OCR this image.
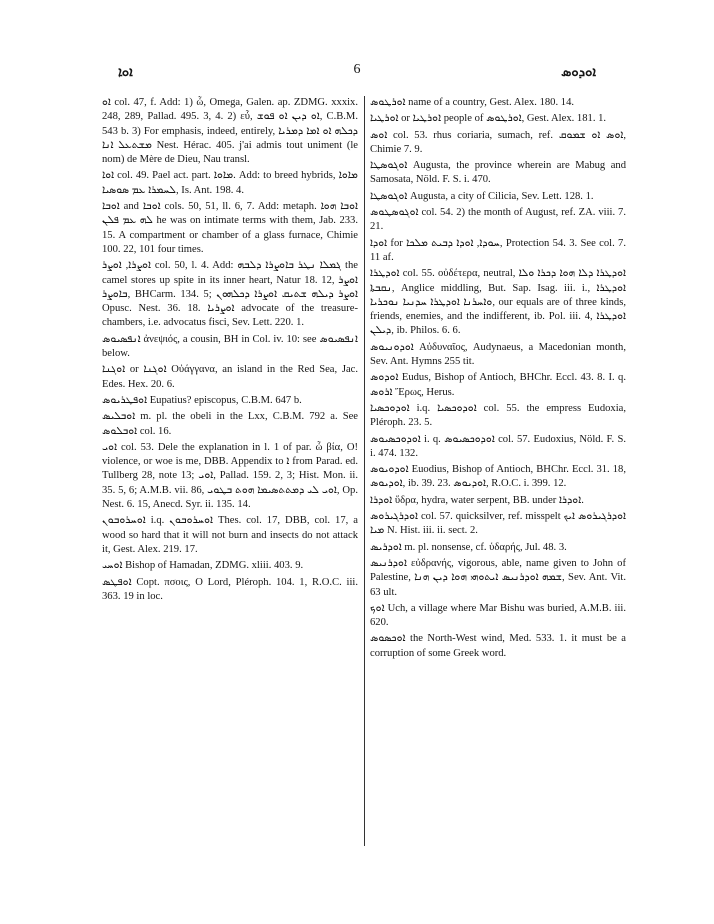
ܐܘܐ	6	ܐܘܕܘܣ

ܐܘ col. 47, f. Add: 1) ὦ, Omega, Galen. ap. ZDMG. xxxix. 248, 289, Pallad. 495. 3, 4. 2) εὖ, ܐܘ ܕܝܢ ܐܘ ܦܘܫ, C.B.M. 543 b. 3) For emphasis, indeed, entirely, ܕܟܠܗ ܐܘ ܐܡܐ ܕܡܪܝܐ ܡܫܬܥܠ ܐܢܐ Nest. Hérac. 405. j'ai admis tout uniment (le nom) de Mère de Dieu, Nau transl.

ܐܘܐ col. 49. Pael act. part. ܡܐܘܐ. Add: to breed hybrids, ܡܐܘܐ ܠܚܡܪܐ ܥܡ ܣܘܣܝܐ, Is. Ant. 198. 4.

ܐܘܒܐ and ܐܘܒܐ cols. 50, 51, ll. 6, 7. Add: metaph. ܐܘܒܐ ܗܘܐ ܠܗ ܥܡ ܦܠܢ he was on intimate terms with them, Jab. 233. 15. A compartment or chamber of a glass furnace, Chimie 100. 22, 101 four times.

ܐܘܨܪܐ, ܐܘܨܪ col. 50, l. 4. Add: ܓܡܠܐ ܢܛܪ ܒܐܘܨܪܐ ܕܠܒܗ the camel stores up spite in its inner heart, Natur 18. 12, ܐܘܨܪ ܒܐܘܨܪ, BHCarm. 134. 5; ܐܘܨܪ ܕܝܠܗ ܫܬܝܩ ܐܘܨܪܐ ܕܟܠܗܘܢ Opusc. Nest. 36. 18. ܐܘܨܪܝܐ advocate of the treasure-chambers, i.e. advocatus fisci, Sev. Lett. 220. 1.

ܐܢܦܣܝܘܣ ἀνεψιός, a cousin, BH in Col. iv. 10: see ܐܢܦܣܝܘܣ below.

ܐܘܓܢܐ or ܐܘܓܢܐ Οὐάγγανα, an island in the Red Sea, Jac. Edes. Hex. 20. 6.

ܐܘܦܛܪܝܘܣ Eupatius? episcopus, C.B.M. 647 b.

ܐܘܒܠܝܣ m. pl. the obeli in the Lxx, C.B.M. 792 a. See ܐܘܒܠܘܣ col. 16.

ܐܘܝ col. 53. Dele the explanation in l. 1 of par. ὦ βία, O! violence, or woe is me, DBB. Appendix to ܐ from Parad. ed. Tullberg 28, note 13; ܐܘܝ, Pallad. 159. 2, 3; Hist. Mon. ii. 35. 5, 6; A.M.B. vii. 86, ܐܘܝ ܠܝ ܕܡܬܬܣܝܡܐ ܗܘܬ ܒܛܘܝ, Op. Nest. 6. 15, Anecd. Syr. ii. 135. 14.

ܐܘܚܪܘܒܘܢ i.q. ܐܘܚܪܘܒܘܢ Thes. col. 17, DBB, col. 17, a wood so hard that it will not burn and insects do not attack it, Gest. Alex. 219. 17.

ܐܘܚܝ Bishop of Hamadan, ZDMG. xliii. 403. 9.

ܐܘܦܛܣ Copt. πσοις, O Lord, Pléroph. 104. 1, R.O.C. iii. 363. 19 in loc.

ܐܘܪܛܘܣ name of a country, Gest. Alex. 180. 14.

ܐܘܪܛܝܐ or ܐܘܪܛܝܐ people of ܐܘܪܛܘܣ, Gest. Alex. 181. 1.

ܐܘܣ col. 53. rhus coriaria, sumach, ref. ܐܘܣ ܐܘ ܫܡܘܩ, Chimie 7. 9.

ܐܘܓܘܣܛܐ Augusta, the province wherein are Mabug and Samosata, Nöld. F. S. i. 470.

ܐܘܓܘܣܛܐ Augusta, a city of Cilicia, Sev. Lett. 128. 1.

ܐܘܓܘܣܛܘܣ col. 54. 2) the month of August, ref. ZA. viii. 7. 21.

ܐܘܕܐ for ܚܘܕܐ, ܐܘܕܐ ܕܒܝܬ ܡܠܟܐ, Protection 54. 3. See col. 7. 11 af.

ܐܘܕܛܪܐ col. 55. οὐδέτερα, neutral, ܐܘܕܛܪܐ ܕܠܐ ܗܘܐ ܕܟܪܐ ܘܠܐ ܢܩܒܬܐ, Anglice middling, But. Sap. Isag. iii. i., ܐܘܕܛܪܐ ܘܐܚܪܢܐ ܐܘܕܛܪܐ ܚܕܢܝܐ ܢܘܟܪܝܐ, our equals are of three kinds, friends, enemies, and the indifferent, ib. Pol. iii. 4, ܐܘܕܛܪܐ ܕܝܠܢ, ib. Philos. 6. 6.

ܐܘܕܘܢܝܘܣ Αὐδυναῖος, Audynaeus, a Macedonian month, Sev. Ant. Hymns 255 tit.

ܐܘܕܘܣ Eudus, Bishop of Antioch, BHChr. Eccl. 43. 8. I. q. ܐܪܘܣ Ἔρως, Herus.

ܐܘܕܘܟܣܝܐ i.q. ܐܘܕܘܟܣܝܐ col. 55. the empress Eudoxia, Pléroph. 23. 5.

ܐܘܕܘܟܣܝܘܣ i. q. ܐܘܕܘܟܣܝܘܣ col. 57. Eudoxius, Nöld. F. S. i. 474. 132.

ܐܘܕܘܝܘܣ Euodius, Bishop of Antioch, BHChr. Eccl. 31. 18, ܐܘܕܝܘܣ, ib. 39. 23. ܐܘܕܝܘܣ, R.O.C. i. 399. 12.

ܐܘܕܪܐ ὕδρα, hydra, water serpent, BB. under ܐܘܕܪܐ.

ܐܘܕܪܓܝܪܘܣ col. 57. quicksilver, ref. misspelt ܐܘܕܪܓܝܪܘܣ ܐܝܟ ܡܝܐ N. Hist. iii. ii. sect. 2.

ܐܘܕܪܝܣ m. pl. nonsense, cf. ὑδαρής, Jul. 48. 3.

ܐܘܕܪܢܝܣ εὐδρανής, vigorous, able, name given to John of Palestine, ܫܡܗ ܐܘܕܪܢܝܣ ܐܝܬܘܗܝ ܗܘܐ ܕܝܢ ܗܢܐ, Sev. Ant. Vit. 63 ult.

ܐܘܟ Uch, a village where Mar Bishu was buried, A.M.B. iii. 620.

ܐܘܟܣܘܣ the North-West wind, Med. 533. 1. it must be a corruption of some Greek word.
